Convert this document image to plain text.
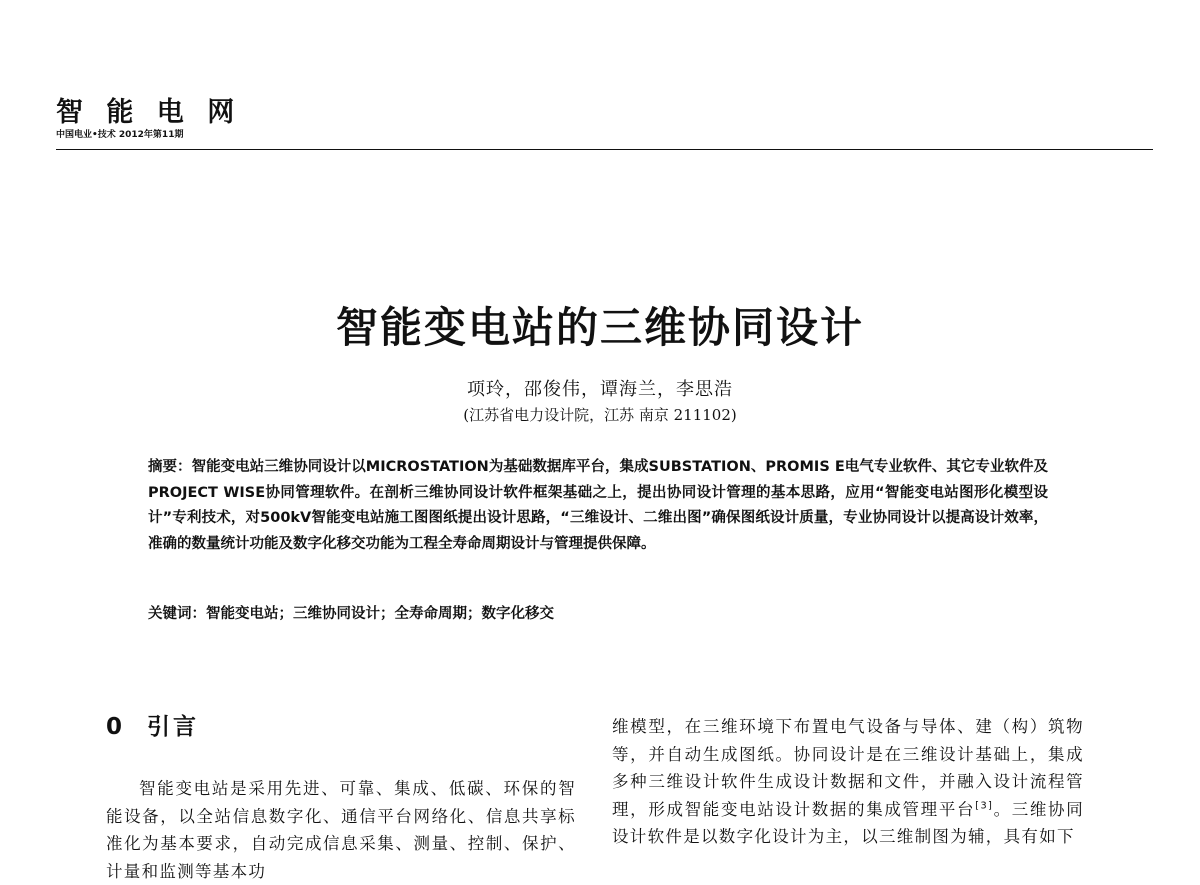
智 能 电 网
中国电业•技术 2012年第11期
智能变电站的三维协同设计
项玲，邵俊伟，谭海兰，李思浩
(江苏省电力设计院，江苏 南京 211102)
摘要：智能变电站三维协同设计以MICROSTATION为基础数据库平台，集成SUBSTATION、PROMIS E电气专业软件、其它专业软件及PROJECT WISE协同管理软件。在剖析三维协同设计软件框架基础之上，提出协同设计管理的基本思路，应用“智能变电站图形化模型设计”专利技术，对500kV智能变电站施工图图纸提出设计思路，“三维设计、二维出图”确保图纸设计质量，专业协同设计以提高设计效率，准确的数量统计功能及数字化移交功能为工程全寿命周期设计与管理提供保障。
关键词：智能变电站；三维协同设计；全寿命周期；数字化移交
0 引言
智能变电站是采用先进、可靠、集成、低碳、环保的智能设备，以全站信息数字化、通信平台网络化、信息共享标准化为基本要求，自动完成信息采集、测量、控制、保护、计量和监测等基本功
维模型，在三维环境下布置电气设备与导体、建（构）筑物等，并自动生成图纸。协同设计是在三维设计基础上，集成多种三维设计软件生成设计数据和文件，并融入设计流程管理，形成智能变电站设计数据的集成管理平台[3]。三维协同设计软件是以数字化设计为主，以三维制图为辅，具有如下
